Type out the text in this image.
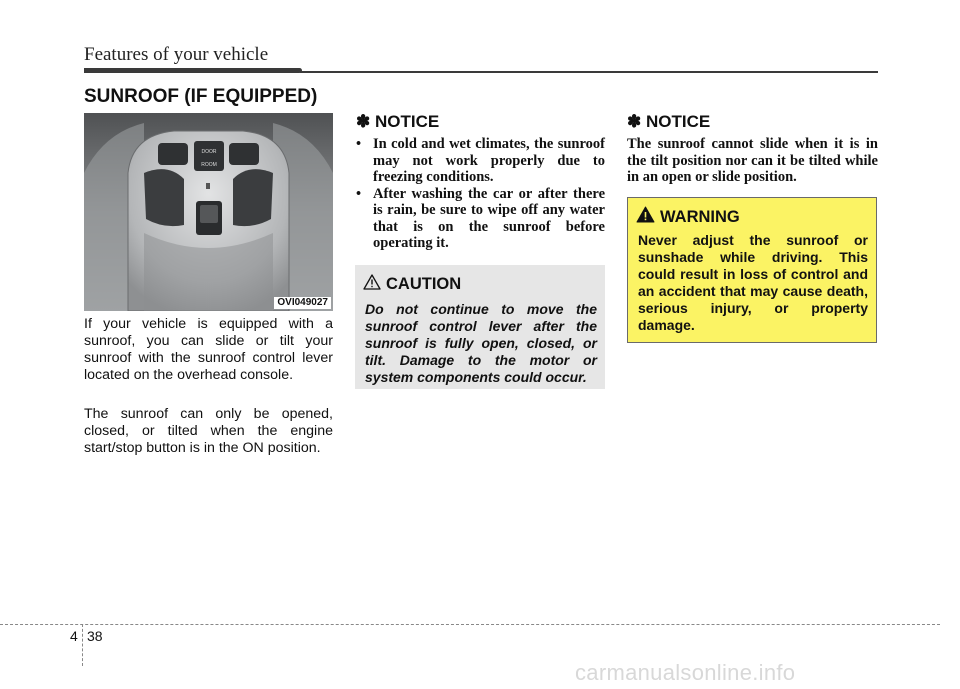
Features of your vehicle
SUNROOF (IF EQUIPPED)
DOOR
ROOM
OVI049027
If your vehicle is equipped with a sunroof, you can slide or tilt your sunroof with the sunroof control lever located on the overhead console.
The sunroof can only be opened, closed, or tilted when the engine start/stop button is in the ON position.
✽ NOTICE
• In cold and wet climates, the sunroof may not work properly due to freezing conditions.
• After washing the car or after there is rain, be sure to wipe off any water that is on the sunroof before operating it.
CAUTION
Do not continue to move the sunroof control lever after the sunroof is fully open, closed, or tilt. Damage to the motor or system components could occur.
✽ NOTICE

The sunroof cannot slide when it is in the tilt position nor can it be tilted while in an open or slide position.

WARNING
Never adjust the sunroof or sunshade while driving. This could result in loss of control and an accident that may cause death, serious injury, or property damage.
4 38
carmanualsonline.info
